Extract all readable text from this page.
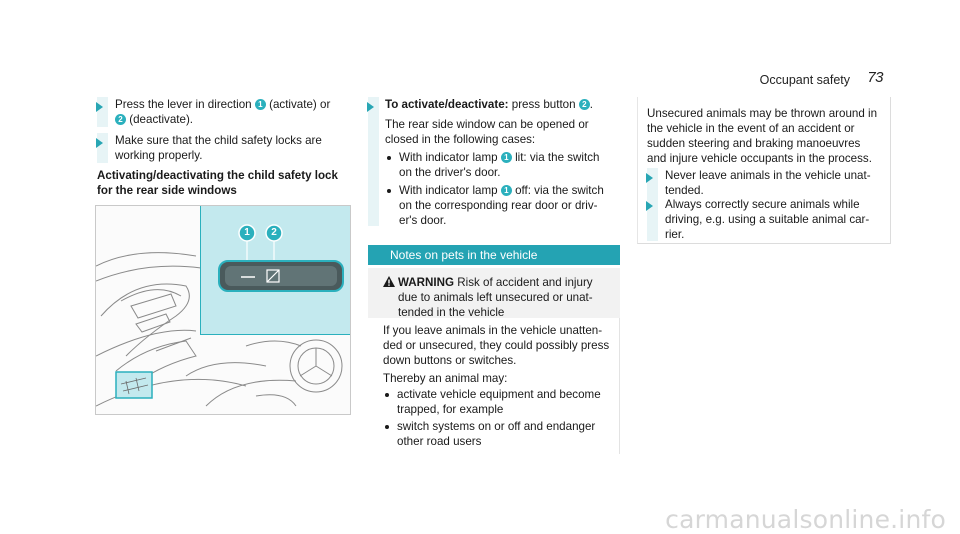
Occupant safety 73
Press the lever in direction 1 (activate) or
2 (deactivate).
Make sure that the child safety locks are
working properly.
Activating/deactivating the child safety lock
for the rear side windows
1	2
To activate/deactivate: press button 2 .
The rear side window can be opened or
closed in the following cases:
With indicator lamp 1 lit: via the switch
on the driver's door.
With indicator lamp 1 off: via the switch
on the corresponding rear door or driv-
er's door.
Notes on pets in the vehicle
WARNING Risk of accident and injury
due to animals left unsecured or unat-
tended in the vehicle
If you leave animals in the vehicle unatten-
ded or unsecured, they could possibly press
down buttons or switches.
Thereby an animal may:
activate vehicle equipment and become
trapped, for example
switch systems on or off and endanger
other road users
Unsecured animals may be thrown around in
the vehicle in the event of an accident or
sudden steering and braking manoeuvres
and injure vehicle occupants in the process.
Never leave animals in the vehicle unat-
tended.
Always correctly secure animals while
driving, e.g. using a suitable animal car-
rier.
carmanualsonline.info
